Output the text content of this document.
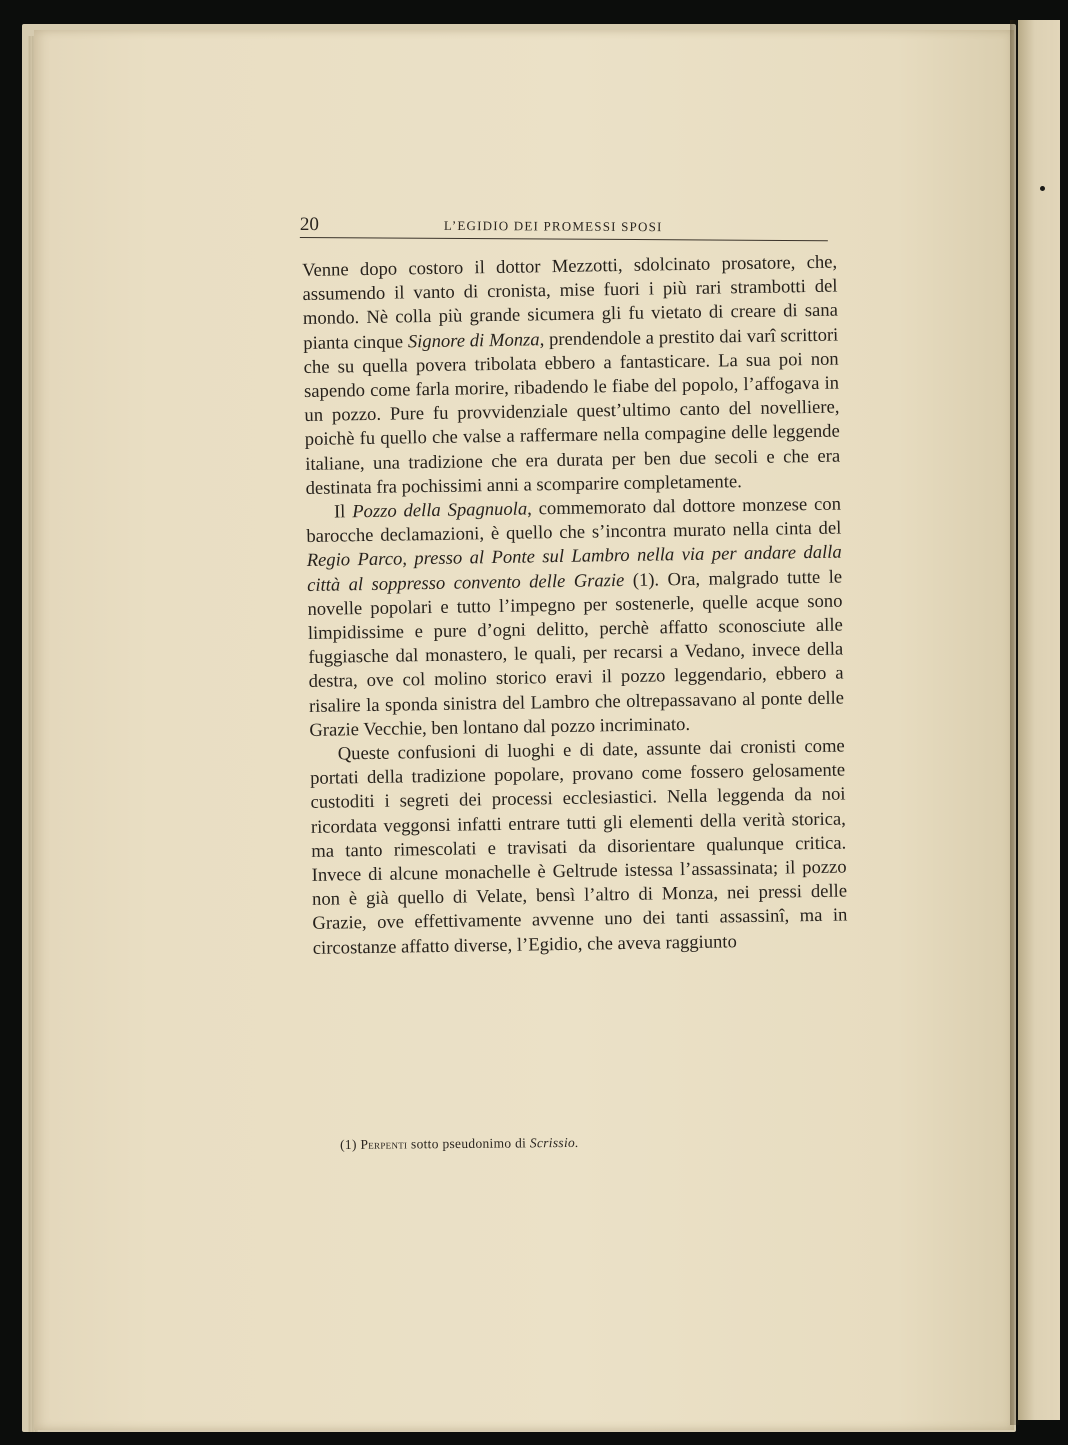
20	L’EGIDIO DEI PROMESSI SPOSI

Venne dopo costoro il dottor Mezzotti, sdolcinato prosatore, che, assumendo il vanto di cronista, mise fuori i più rari strambotti del mondo. Nè colla più grande sicumera gli fu vietato di creare di sana pianta cinque Signore di Monza, prendendole a prestito dai varî scrittori che su quella povera tribolata ebbero a fantasticare. La sua poi non sapendo come farla morire, ribadendo le fiabe del popolo, l’affogava in un pozzo. Pure fu provvidenziale quest’ultimo canto del novelliere, poichè fu quello che valse a raffermare nella compagine delle leggende italiane, una tradizione che era durata per ben due secoli e che era destinata fra pochissimi anni a scomparire completamente.

Il Pozzo della Spagnuola, commemorato dal dottore monzese con barocche declamazioni, è quello che s’incontra murato nella cinta del Regio Parco, presso al Ponte sul Lambro nella via per andare dalla città al soppresso convento delle Grazie (1). Ora, malgrado tutte le novelle popolari e tutto l’impegno per sostenerle, quelle acque sono limpidissime e pure d’ogni delitto, perchè affatto sconosciute alle fuggiasche dal monastero, le quali, per recarsi a Vedano, invece della destra, ove col molino storico eravi il pozzo leggendario, ebbero a risalire la sponda sinistra del Lambro che oltrepassavano al ponte delle Grazie Vecchie, ben lontano dal pozzo incriminato.

Queste confusioni di luoghi e di date, assunte dai cronisti come portati della tradizione popolare, provano come fossero gelosamente custoditi i segreti dei processi ecclesiastici. Nella leggenda da noi ricordata veggonsi infatti entrare tutti gli elementi della verità storica, ma tanto rimescolati e travisati da disorientare qualunque critica. Invece di alcune monachelle è Geltrude istessa l’assassinata; il pozzo non è già quello di Velate, bensì l’altro di Monza, nei pressi delle Grazie, ove effettivamente avvenne uno dei tanti assassinî, ma in circostanze affatto diverse, l’Egidio, che aveva raggiunto

(1) Perpenti sotto pseudonimo di Scrissio.
